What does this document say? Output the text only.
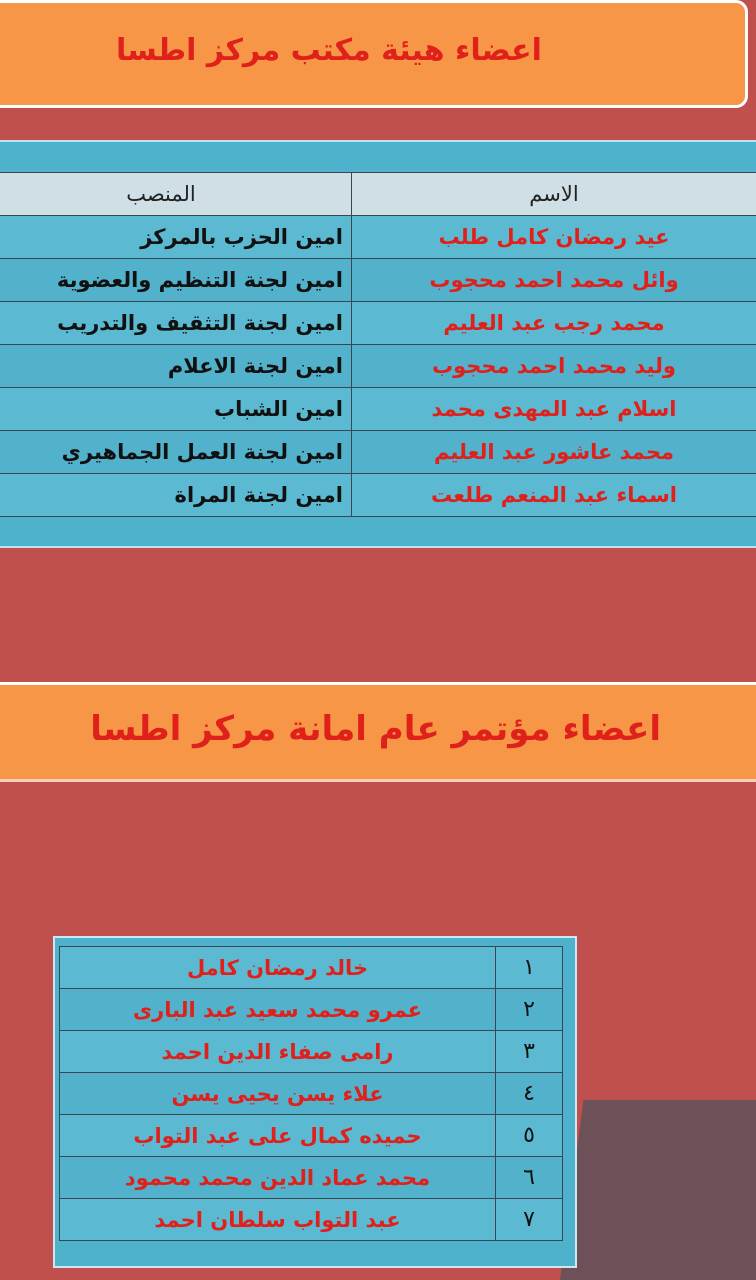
اعضاء هيئة مكتب مركز اطسا
المنصب	الاسم
امين الحزب بالمركز	عيد رمضان كامل طلب
امين لجنة التنظيم والعضوية	وائل محمد احمد محجوب
امين لجنة التثقيف والتدريب	محمد رجب عبد العليم
امين لجنة الاعلام	وليد محمد احمد محجوب
امين الشباب	اسلام عبد المهدى محمد
امين لجنة العمل الجماهيري	محمد عاشور عبد العليم
امين لجنة المراة	اسماء عبد المنعم طلعت
اعضاء مؤتمر عام امانة مركز اطسا
خالد رمضان كامل	١
عمرو محمد سعيد عبد البارى	٢
رامى صفاء الدين احمد	٣
علاء يسن يحيى يسن	٤
حميده كمال على عبد التواب	٥
محمد عماد الدين محمد محمود	٦
عبد التواب سلطان احمد	٧
